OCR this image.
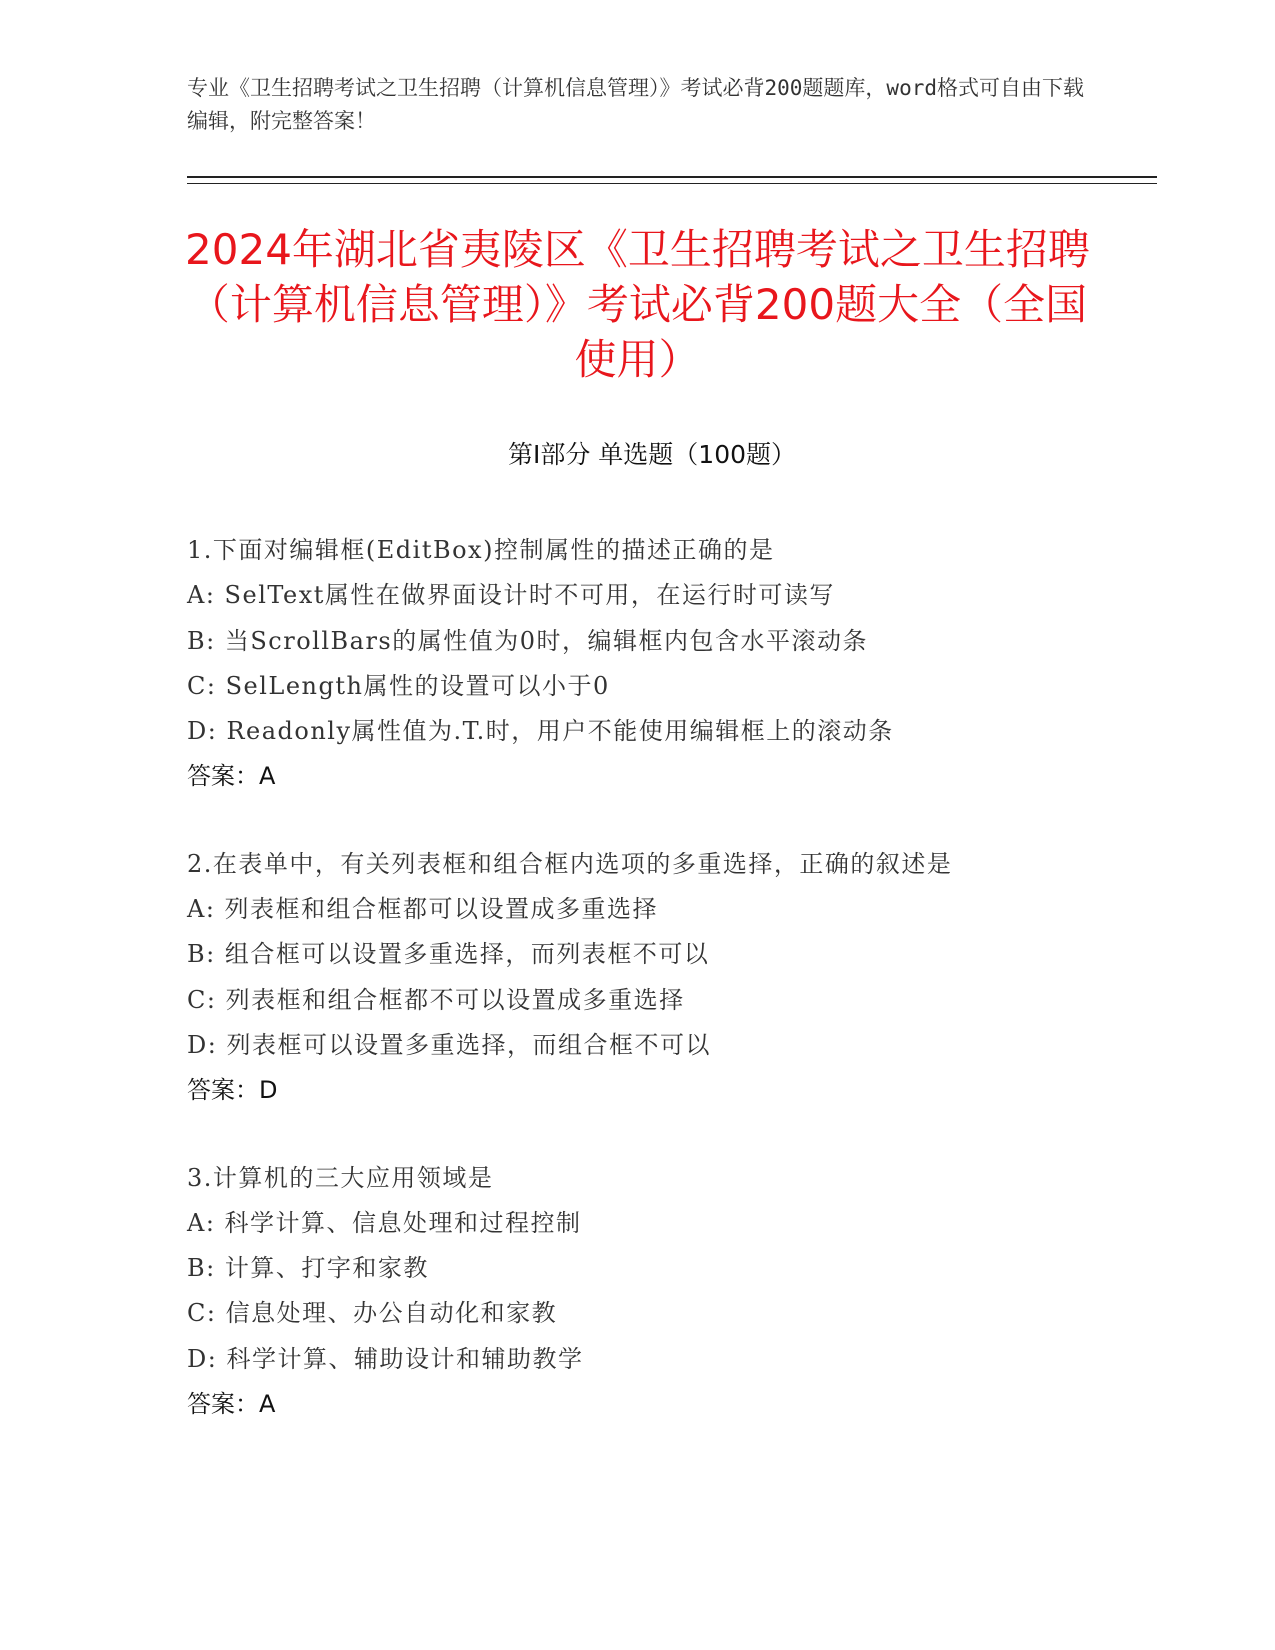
专业《卫生招聘考试之卫生招聘（计算机信息管理）》考试必背200题题库，word格式可自由下载编辑，附完整答案！
2024年湖北省夷陵区《卫生招聘考试之卫生招聘（计算机信息管理）》考试必背200题大全（全国使用）
第I部分 单选题（100题）
1.下面对编辑框(EditBox)控制属性的描述正确的是
A: SelText属性在做界面设计时不可用，在运行时可读写
B: 当ScrollBars的属性值为0时，编辑框内包含水平滚动条
C: SelLength属性的设置可以小于0
D: Readonly属性值为.T.时，用户不能使用编辑框上的滚动条
答案：A
2.在表单中，有关列表框和组合框内选项的多重选择，正确的叙述是
A: 列表框和组合框都可以设置成多重选择
B: 组合框可以设置多重选择，而列表框不可以
C: 列表框和组合框都不可以设置成多重选择
D: 列表框可以设置多重选择，而组合框不可以
答案：D
3.计算机的三大应用领域是
A: 科学计算、信息处理和过程控制
B: 计算、打字和家教
C: 信息处理、办公自动化和家教
D: 科学计算、辅助设计和辅助教学
答案：A
